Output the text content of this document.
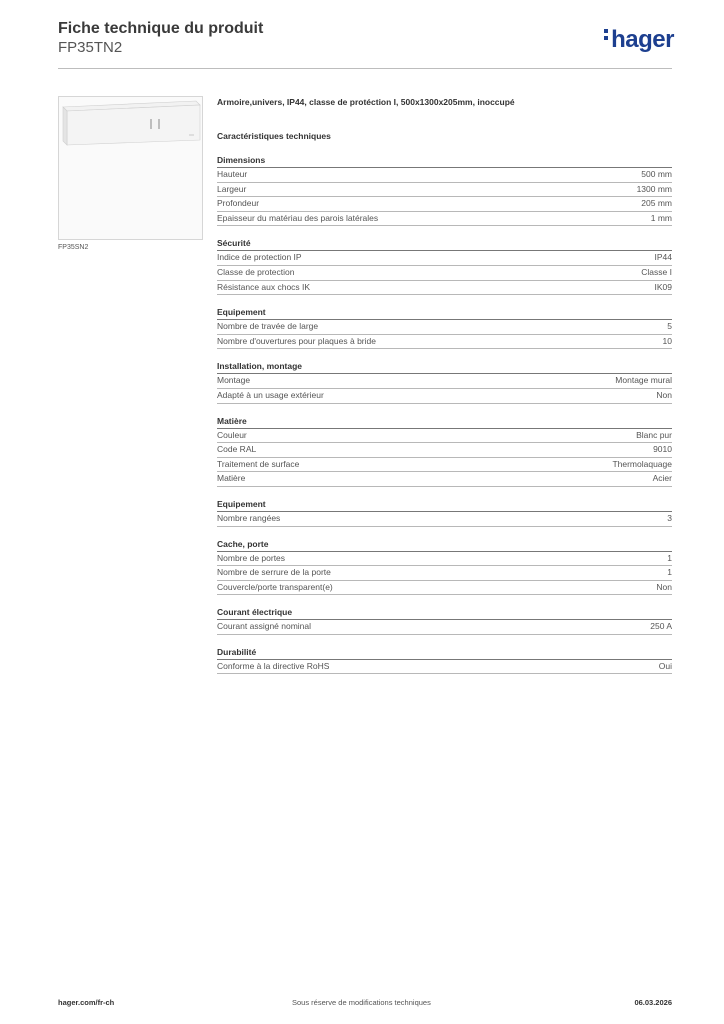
Fiche technique du produit
FP35TN2	hager
FP35SN2
Armoire,univers, IP44, classe de protéction I, 500x1300x205mm, inoccupé
Caractéristiques techniques
Dimensions
Hauteur	500 mm
Largeur	1300 mm
Profondeur	205 mm
Epaisseur du matériau des parois latérales	1 mm
Sécurité
Indice de protection IP	IP44
Classe de protection	Classe I
Résistance aux chocs IK	IK09
Equipement
Nombre de travée de large	5
Nombre d'ouvertures pour plaques à bride	10
Installation, montage
Montage	Montage mural
Adapté à un usage extérieur	Non
Matière
Couleur	Blanc pur
Code RAL	9010
Traitement de surface	Thermolaquage
Matière	Acier
Equipement
Nombre rangées	3
Cache, porte
Nombre de portes	1
Nombre de serrure de la porte	1
Couvercle/porte transparent(e)	Non
Courant électrique
Courant assigné nominal	250 A
Durabilité
Conforme à la directive RoHS	Oui
hager.com/fr-ch	Sous réserve de modifications techniques	06.03.2026
